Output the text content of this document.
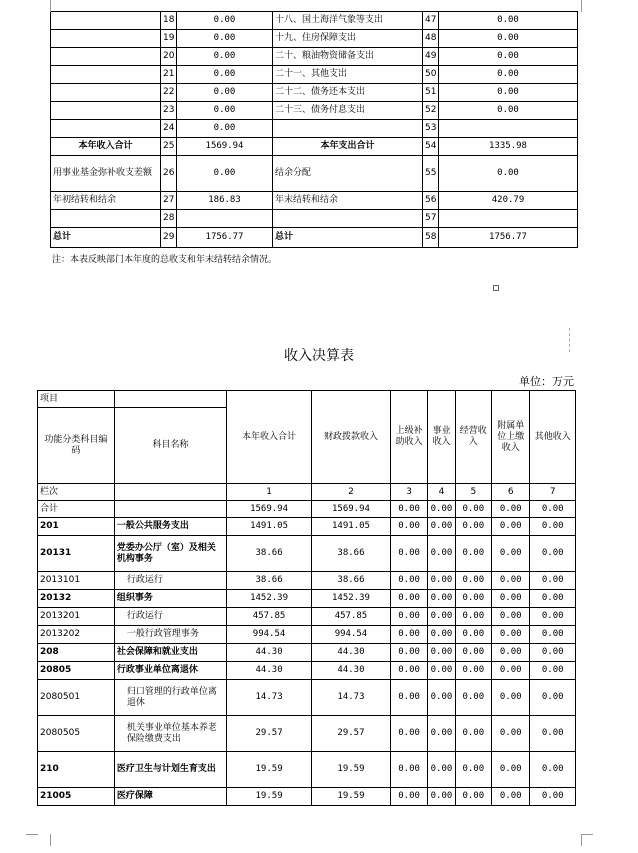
	18	0.00	十八、国土海洋气象等支出	47	0.00
	19	0.00	十九、住房保障支出	48	0.00
	20	0.00	二十、粮油物资储备支出	49	0.00
	21	0.00	二十一、其他支出	50	0.00
	22	0.00	二十二、债务还本支出	51	0.00
	23	0.00	二十三、债务付息支出	52	0.00
	24	0.00		53	
本年收入合计	25	1569.94	本年支出合计	54	1335.98
用事业基金弥补收支差额	26	0.00	结余分配	55	0.00
年初结转和结余	27	186.83	年末结转和结余	56	420.79
	28			57	
总计	29	1756.77	总计	58	1756.77
注：本表反映部门本年度的总收支和年末结转结余情况。
收入决算表
单位：万元
项目		本年收入合计	财政拨款收入	上级补助收入	事业收入	经营收入	附属单位上缴收入	其他收入
功能分类科目编码	科目名称							
栏次		1	2	3	4	5	6	7
合计		1569.94	1569.94	0.00	0.00	0.00	0.00	0.00
201	一般公共服务支出	1491.05	1491.05	0.00	0.00	0.00	0.00	0.00
20131	党委办公厅（室）及相关机构事务	38.66	38.66	0.00	0.00	0.00	0.00	0.00
2013101	行政运行	38.66	38.66	0.00	0.00	0.00	0.00	0.00
20132	组织事务	1452.39	1452.39	0.00	0.00	0.00	0.00	0.00
2013201	行政运行	457.85	457.85	0.00	0.00	0.00	0.00	0.00
2013202	一般行政管理事务	994.54	994.54	0.00	0.00	0.00	0.00	0.00
208	社会保障和就业支出	44.30	44.30	0.00	0.00	0.00	0.00	0.00
20805	行政事业单位离退休	44.30	44.30	0.00	0.00	0.00	0.00	0.00
2080501	归口管理的行政单位离退休	14.73	14.73	0.00	0.00	0.00	0.00	0.00
2080505	机关事业单位基本养老保险缴费支出	29.57	29.57	0.00	0.00	0.00	0.00	0.00
210	医疗卫生与计划生育支出	19.59	19.59	0.00	0.00	0.00	0.00	0.00
21005	医疗保障	19.59	19.59	0.00	0.00	0.00	0.00	0.00
